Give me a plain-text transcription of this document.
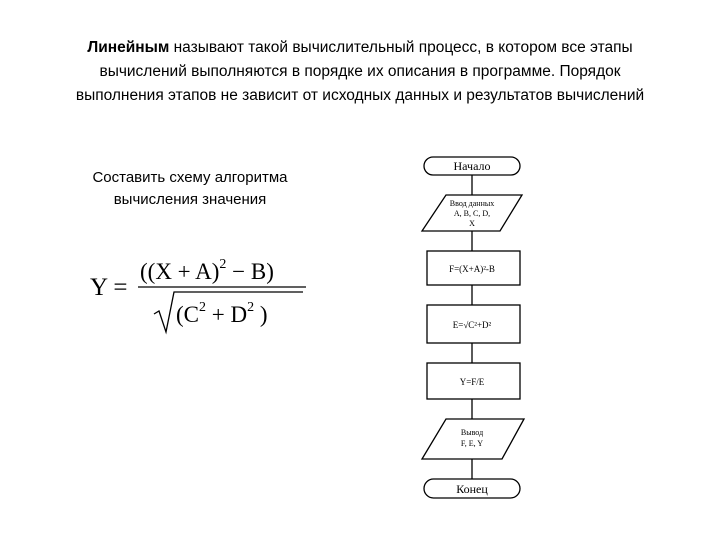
Линейным называют такой вычислительный процесс, в котором все этапы
вычислений выполняются в порядке их описания в программе. Порядок
выполнения этапов не зависит от исходных данных и результатов вычислений
Составить схему алгоритма
вычисления значения
Y =
$((X + A)^2 - B)$
($C^2 + D^2$ )
Начало
Ввод данных
A, B, C, D,
X
F=(X+A)²-B
E=√C²+D²
Y=F/E
Вывод
F, E, Y
Конец
